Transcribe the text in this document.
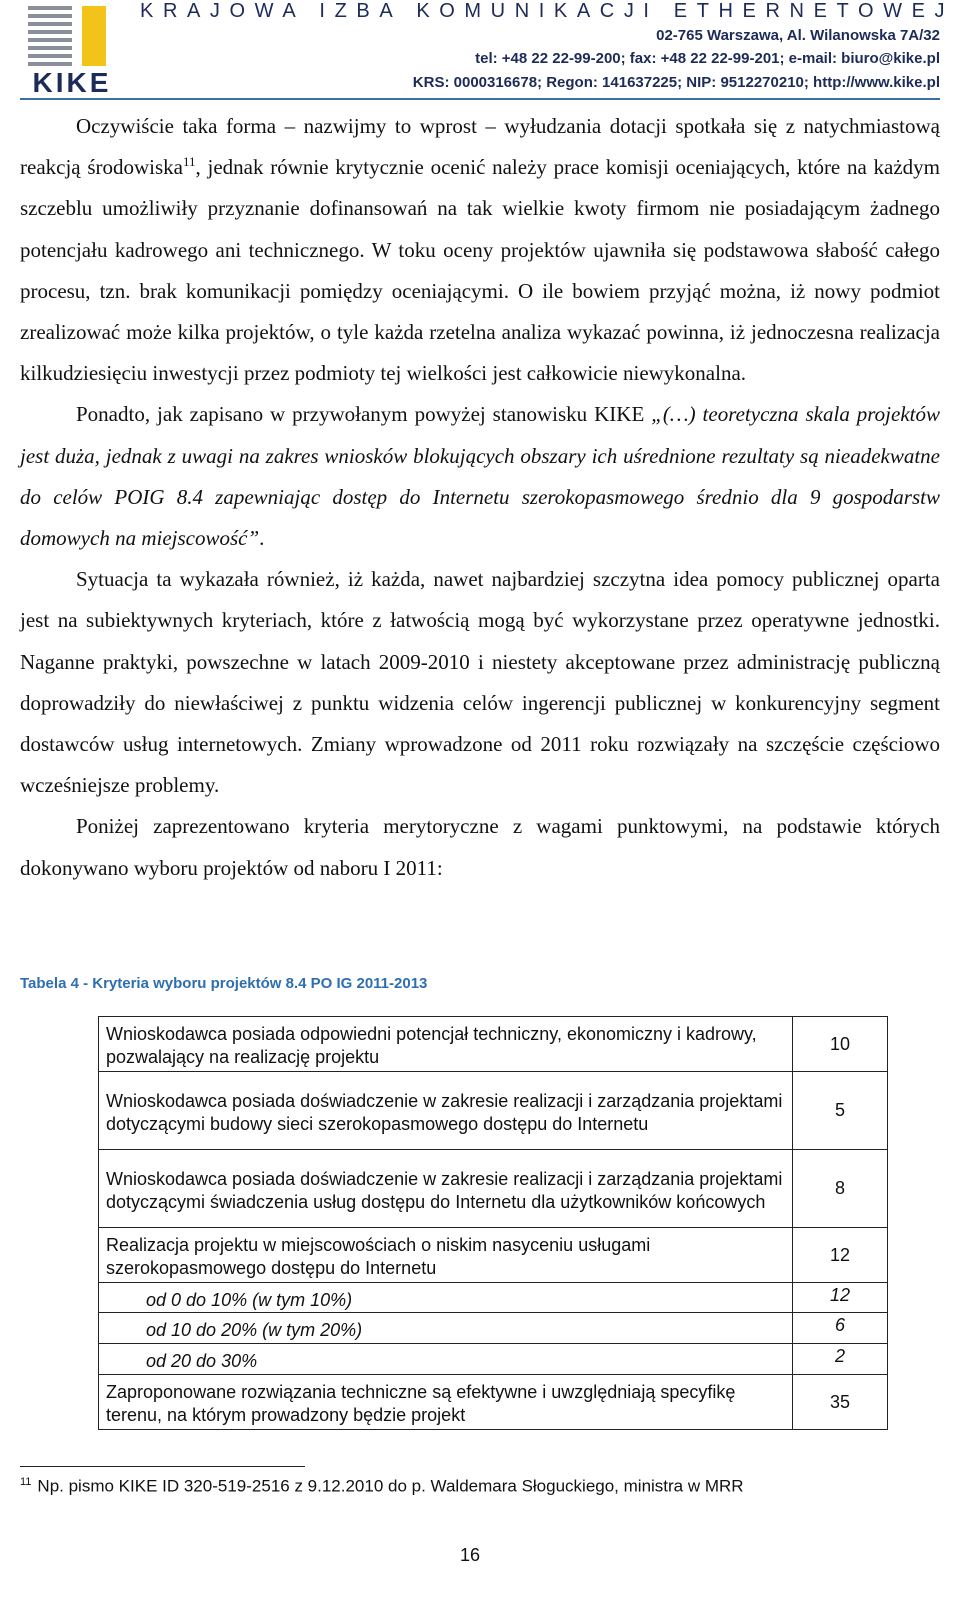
KIKE
KRAJOWA IZBA KOMUNIKACJI ETHERNETOWEJ
02-765 Warszawa, Al. Wilanowska 7A/32
tel: +48 22 22-99-200; fax: +48 22 22-99-201; e-mail: biuro@kike.pl
KRS: 0000316678; Regon: 141637225; NIP: 9512270210; http://www.kike.pl

Oczywiście taka forma – nazwijmy to wprost – wyłudzania dotacji spotkała się z natychmiastową reakcją środowiska$^{11}$, jednak równie krytycznie ocenić należy prace komisji oceniających, które na każdym szczeblu umożliwiły przyznanie dofinansowań na tak wielkie kwoty firmom nie posiadającym żadnego potencjału kadrowego ani technicznego. W toku oceny projektów ujawniła się podstawowa słabość całego procesu, tzn. brak komunikacji pomiędzy oceniającymi. O ile bowiem przyjąć można, iż nowy podmiot zrealizować może kilka projektów, o tyle każda rzetelna analiza wykazać powinna, iż jednoczesna realizacja kilkudziesięciu inwestycji przez podmioty tej wielkości jest całkowicie niewykonalna.

Ponadto, jak zapisano w przywołanym powyżej stanowisku KIKE „(…) teoretyczna skala projektów jest duża, jednak z uwagi na zakres wniosków blokujących obszary ich uśrednione rezultaty są nieadekwatne do celów POIG 8.4 zapewniając dostęp do Internetu szerokopasmowego średnio dla 9 gospodarstw domowych na miejscowość”.

Sytuacja ta wykazała również, iż każda, nawet najbardziej szczytna idea pomocy publicznej oparta jest na subiektywnych kryteriach, które z łatwością mogą być wykorzystane przez operatywne jednostki. Naganne praktyki, powszechne w latach 2009-2010 i niestety akceptowane przez administrację publiczną doprowadziły do niewłaściwej z punktu widzenia celów ingerencji publicznej w konkurencyjny segment dostawców usług internetowych. Zmiany wprowadzone od 2011 roku rozwiązały na szczęście częściowo wcześniejsze problemy.

Poniżej zaprezentowano kryteria merytoryczne z wagami punktowymi, na podstawie których dokonywano wyboru projektów od naboru I 2011:

Tabela 4 - Kryteria wyboru projektów 8.4 PO IG 2011-2013
Wnioskodawca posiada odpowiedni potencjał techniczny, ekonomiczny i kadrowy, pozwalający na realizację projektu	10
Wnioskodawca posiada doświadczenie w zakresie realizacji i zarządzania projektami dotyczącymi budowy sieci szerokopasmowego dostępu do Internetu	5
Wnioskodawca posiada doświadczenie w zakresie realizacji i zarządzania projektami dotyczącymi świadczenia usług dostępu do Internetu dla użytkowników końcowych	8
Realizacja projektu w miejscowościach o niskim nasyceniu usługami szerokopasmowego dostępu do Internetu	12
od 0 do 10% (w tym 10%)	12
od 10 do 20% (w tym 20%)	6
od 20 do 30%	2
Zaproponowane rozwiązania techniczne są efektywne i uwzględniają specyfikę terenu, na którym prowadzony będzie projekt	35
$^{11}$ Np. pismo KIKE ID 320-519-2516 z 9.12.2010 do p. Waldemara Słoguckiego, ministra w MRR
16
